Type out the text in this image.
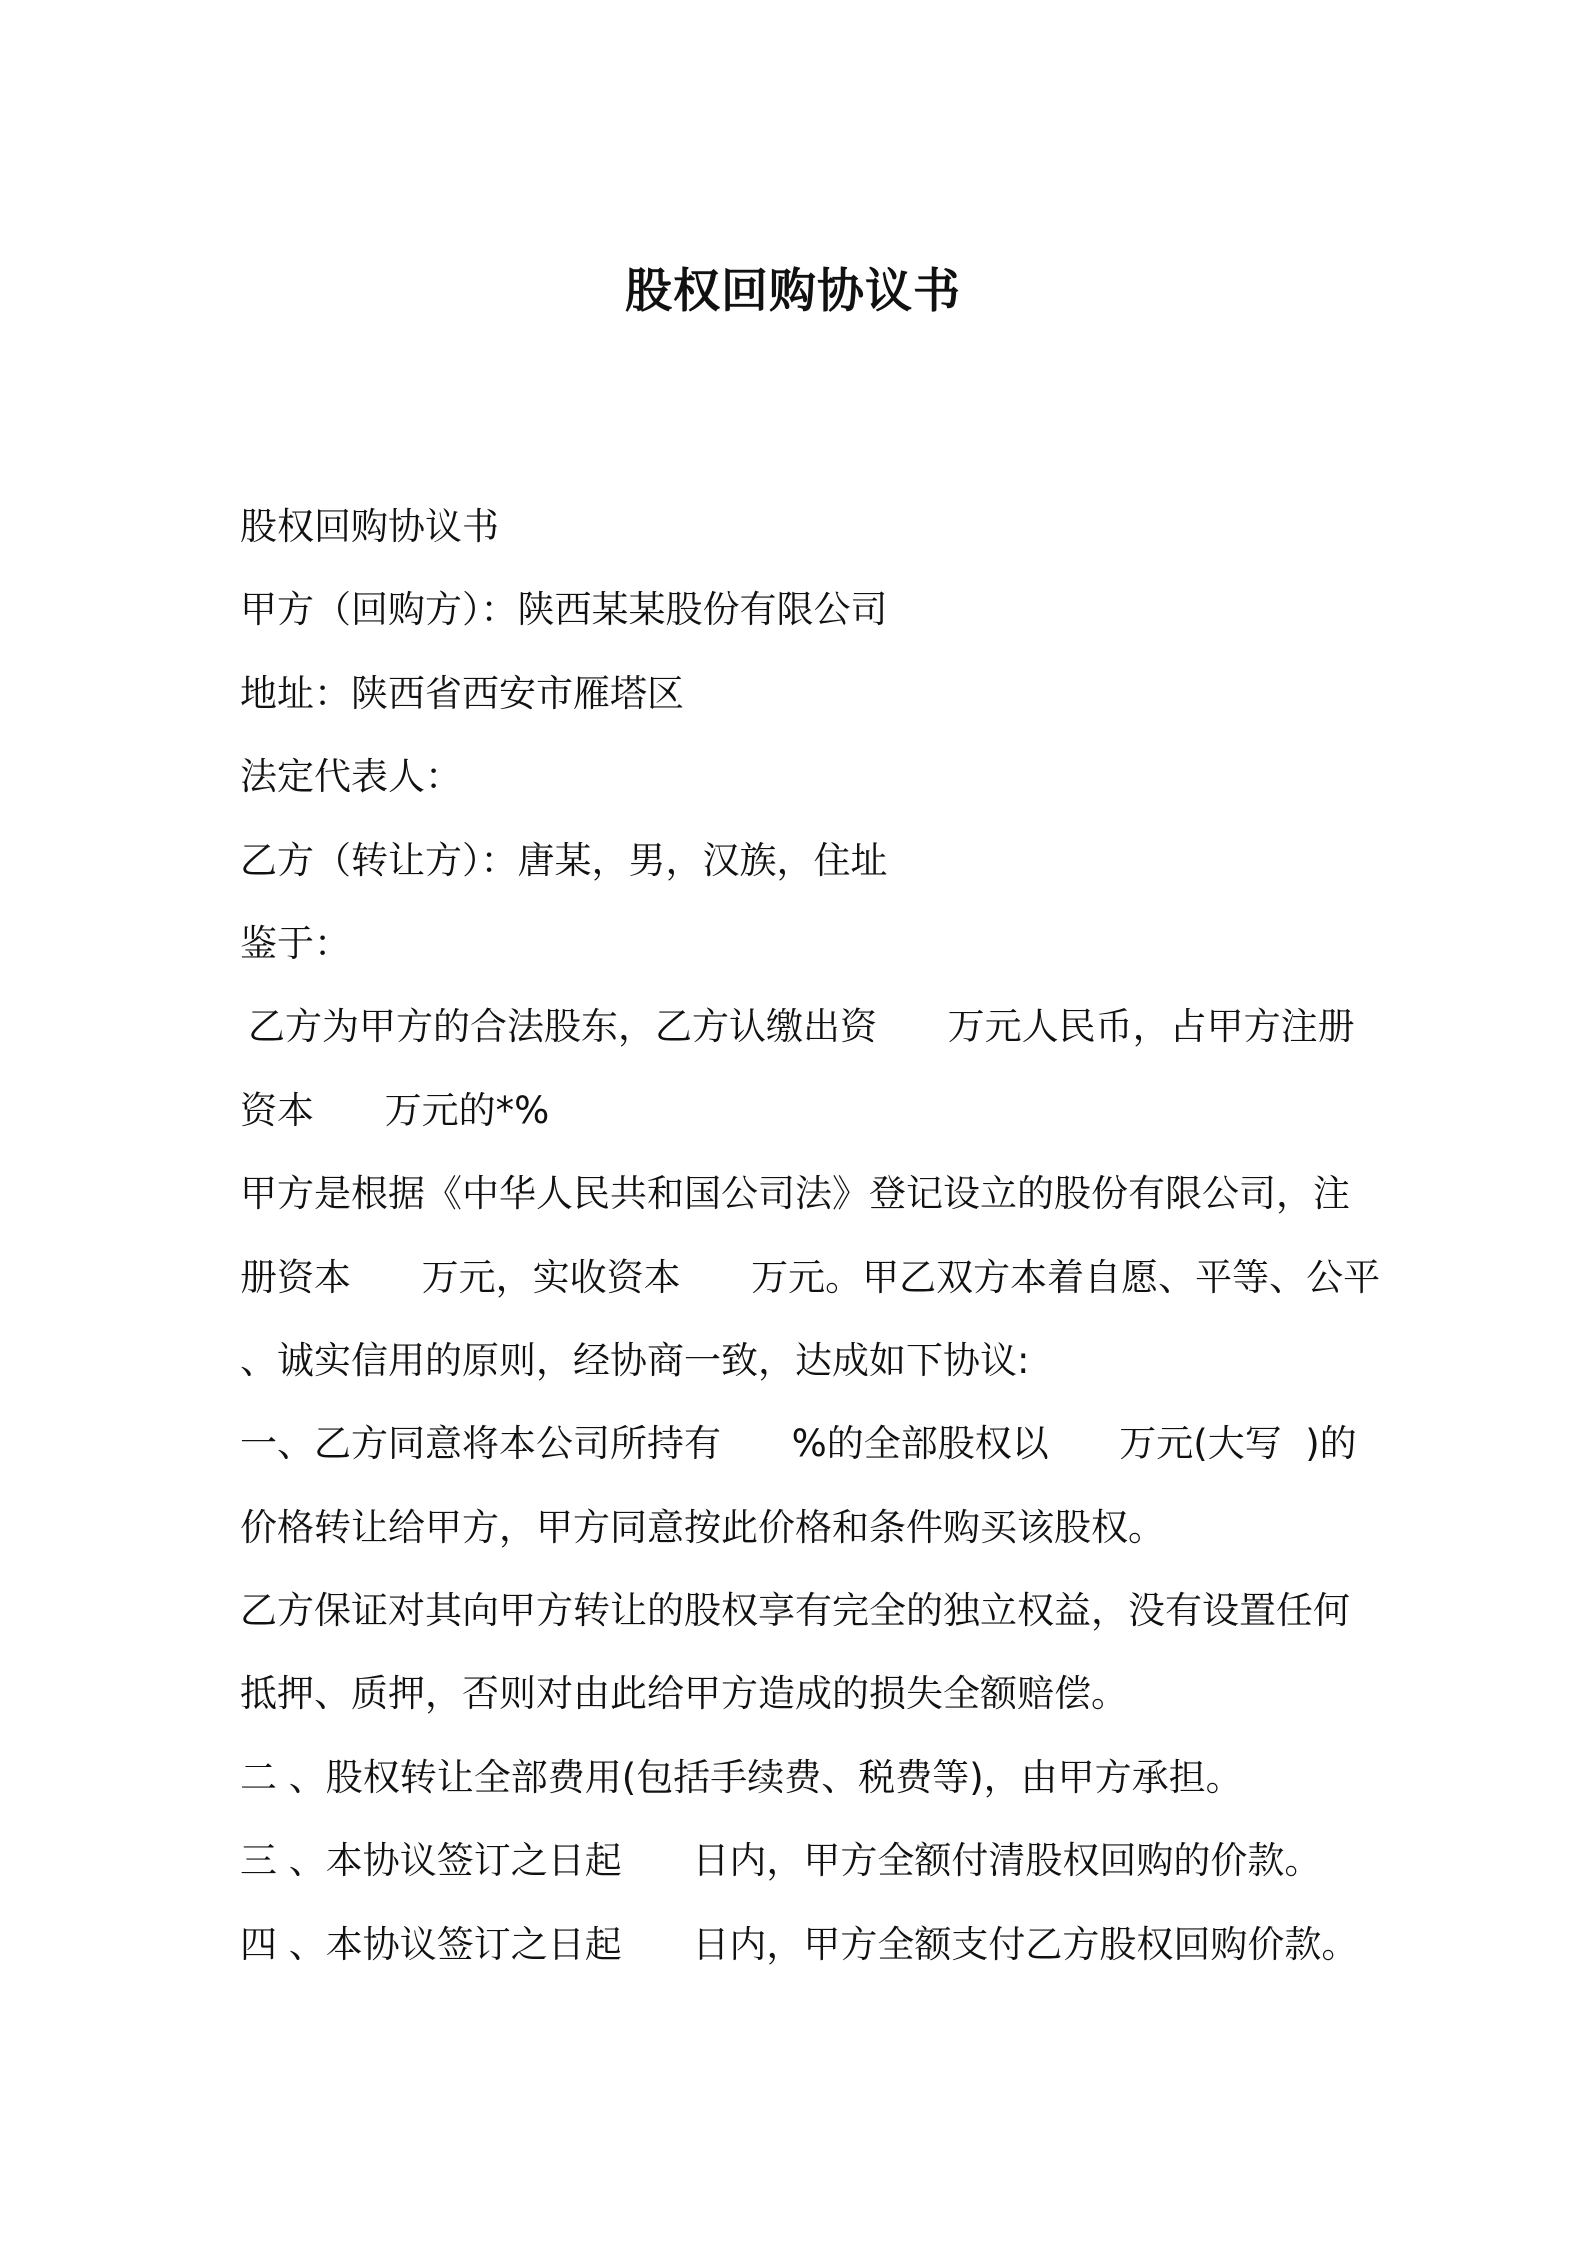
股权回购协议书
股权回购协议书
甲方（回购方）：陕西某某股份有限公司
地址：陕西省西安市雁塔区
法定代表人：
乙方（转让方）：唐某，男，汉族，住址
鉴于：
乙方为甲方的合法股东，乙方认缴出资      万元人民币，占甲方注册
资本      万元的*%
甲方是根据《中华人民共和国公司法》登记设立的股份有限公司，注
册资本      万元，实收资本      万元。甲乙双方本着自愿、平等、公平
、诚实信用的原则，经协商一致，达成如下协议:
一、乙方同意将本公司所持有      %的全部股权以      万元(大写  )的
价格转让给甲方，甲方同意按此价格和条件购买该股权。
乙方保证对其向甲方转让的股权享有完全的独立权益，没有设置任何
抵押、质押，否则对由此给甲方造成的损失全额赔偿。
二 、股权转让全部费用(包括手续费、税费等)，由甲方承担。
三 、本协议签订之日起      日内，甲方全额付清股权回购的价款。
四 、本协议签订之日起      日内，甲方全额支付乙方股权回购价款。
